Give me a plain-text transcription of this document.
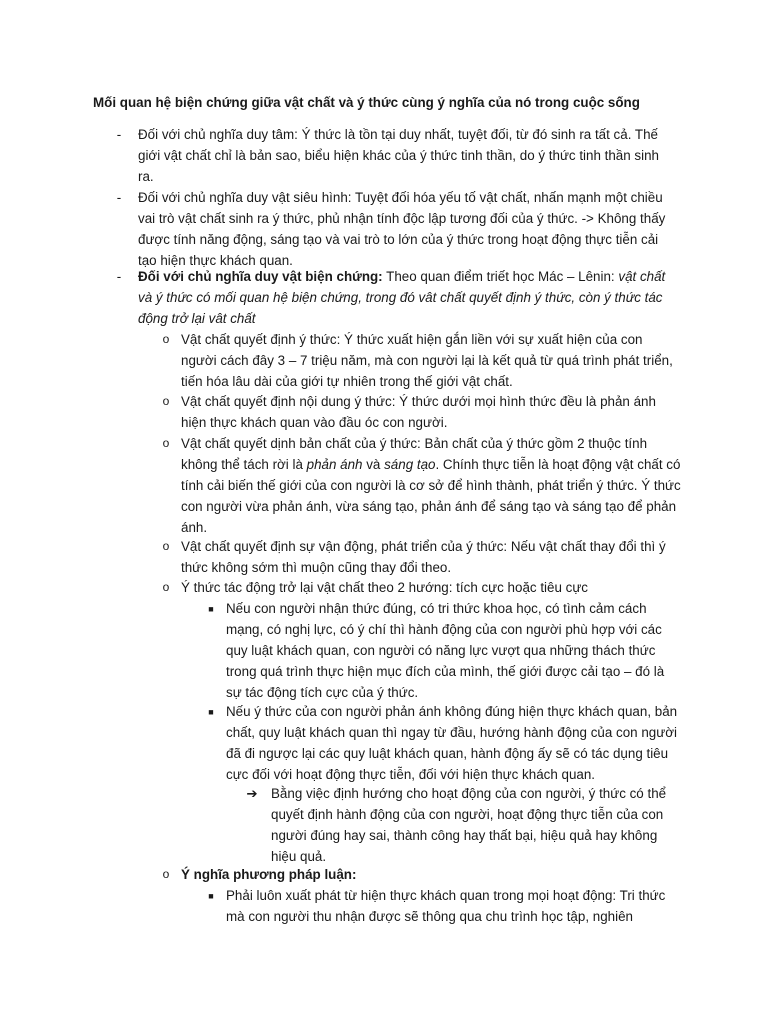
Mối quan hệ biện chứng giữa vật chất và ý thức cùng ý nghĩa của nó trong cuộc sống
-	Đối với chủ nghĩa duy tâm: Ý thức là tồn tại duy nhất, tuyệt đối, từ đó sinh ra tất cả. Thế giới vật chất chỉ là bản sao, biểu hiện khác của ý thức tinh thần, do ý thức tinh thần sinh ra.
-	Đối với chủ nghĩa duy vật siêu hình: Tuyệt đối hóa yếu tố vật chất, nhấn mạnh một chiều vai trò vật chất sinh ra ý thức, phủ nhận tính độc lập tương đối của ý thức. -> Không thấy được tính năng động, sáng tạo và vai trò to lớn của ý thức trong hoạt động thực tiễn cải tạo hiện thực khách quan.
-	Đối với chủ nghĩa duy vật biện chứng: Theo quan điểm triết học Mác – Lênin: vật chất và ý thức có mối quan hệ biện chứng, trong đó vât chất quyết định ý thức, còn ý thức tác động trở lại vât chất
o Vật chất quyết định ý thức: Ý thức xuất hiện gắn liền với sự xuất hiện của con người cách đây 3 – 7 triệu năm, mà con người lại là kết quả từ quá trình phát triển, tiến hóa lâu dài của giới tự nhiên trong thế giới vật chất.
o Vật chất quyết định nội dung ý thức: Ý thức dưới mọi hình thức đều là phản ánh hiện thực khách quan vào đầu óc con người.
o Vật chất quyết dịnh bản chất của ý thức: Bản chất của ý thức gồm 2 thuộc tính không thể tách rời là phản ánh và sáng tạo. Chính thực tiễn là hoạt động vật chất có tính cải biến thế giới của con người là cơ sở để hình thành, phát triển ý thức. Ý thức con người vừa phản ánh, vừa sáng tạo, phản ánh để sáng tạo và sáng tạo để phản ánh.
o Vật chất quyết định sự vận động, phát triển của ý thức: Nếu vật chất thay đổi thì ý thức không sớm thì muộn cũng thay đổi theo.
o Ý thức tác động trở lại vật chất theo 2 hướng: tích cực hoặc tiêu cực
■ Nếu con người nhận thức đúng, có tri thức khoa học, có tình cảm cách mạng, có nghị lực, có ý chí thì hành động của con người phù hợp với các quy luật khách quan, con người có năng lực vượt qua những thách thức trong quá trình thực hiện mục đích của mình, thế giới được cải tạo – đó là sự tác động tích cực của ý thức.
■ Nếu ý thức của con người phản ánh không đúng hiện thực khách quan, bản chất, quy luật khách quan thì ngay từ đầu, hướng hành động của con người đã đi ngược lại các quy luật khách quan, hành động ấy sẽ có tác dụng tiêu cực đối với hoạt động thực tiễn, đối với hiện thực khách quan.
➔ Bằng việc định hướng cho hoạt động của con người, ý thức có thể quyết định hành động của con người, hoạt động thực tiễn của con người đúng hay sai, thành công hay thất bại, hiệu quả hay không hiệu quả.
o Ý nghĩa phương pháp luận:
■ Phải luôn xuất phát từ hiện thực khách quan trong mọi hoạt động: Tri thức mà con người thu nhận được sẽ thông qua chu trình học tập, nghiên
